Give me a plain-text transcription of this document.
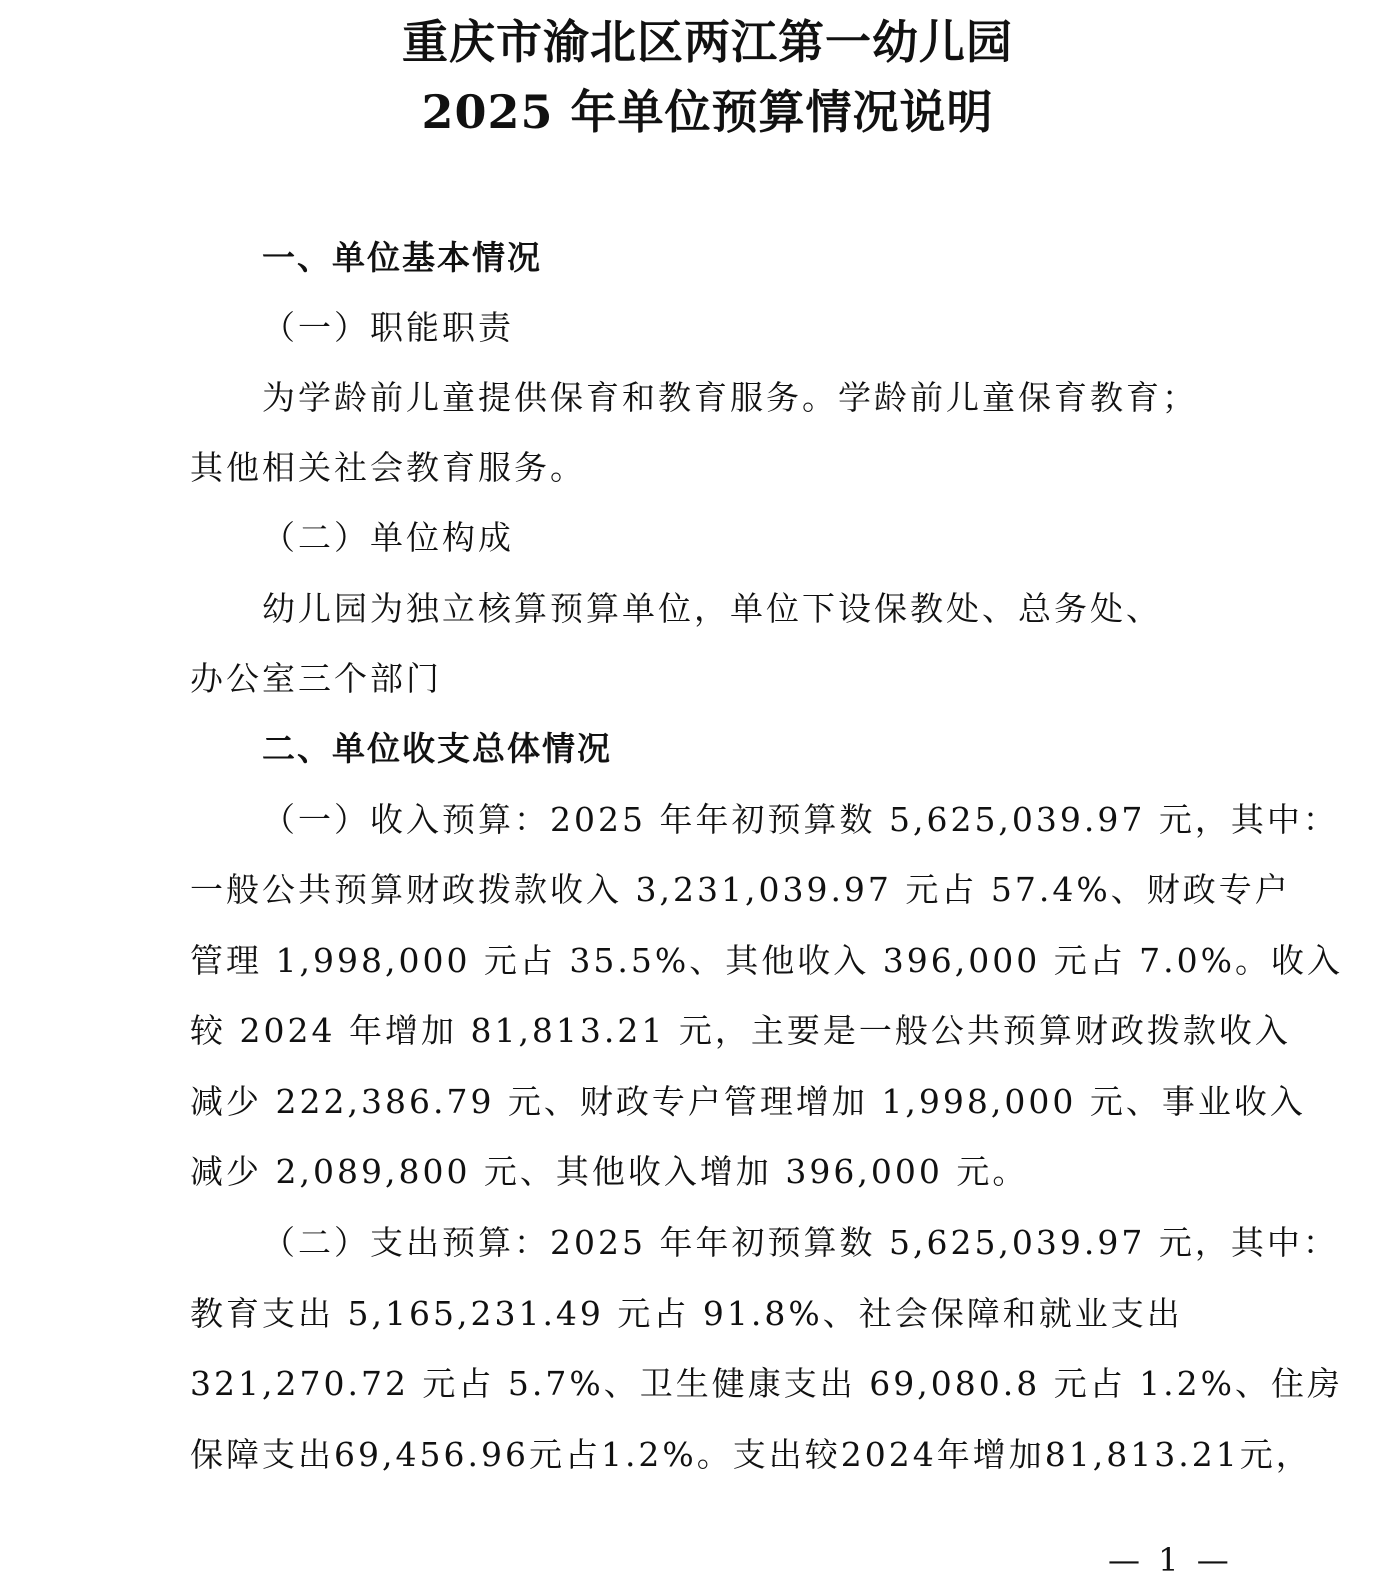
重庆市渝北区两江第一幼儿园
2025 年单位预算情况说明
一、单位基本情况
（一）职能职责
为学龄前儿童提供保育和教育服务。学龄前儿童保育教育；
其他相关社会教育服务。
（二）单位构成
幼儿园为独立核算预算单位，单位下设保教处、总务处、
办公室三个部门
二、单位收支总体情况
（一）收入预算：2025 年年初预算数 5,625,039.97 元，其中：
一般公共预算财政拨款收入 3,231,039.97 元占 57.4%、财政专户
管理 1,998,000 元占 35.5%、其他收入 396,000 元占 7.0%。收入
较 2024 年增加 81,813.21 元，主要是一般公共预算财政拨款收入
减少 222,386.79 元、财政专户管理增加 1,998,000 元、事业收入
减少 2,089,800 元、其他收入增加 396,000 元。
（二）支出预算：2025 年年初预算数 5,625,039.97 元，其中：
教育支出 5,165,231.49 元占 91.8%、社会保障和就业支出
321,270.72 元占 5.7%、卫生健康支出 69,080.8 元占 1.2%、住房
保障支出69,456.96元占1.2%。支出较2024年增加81,813.21元，
— 1 —
